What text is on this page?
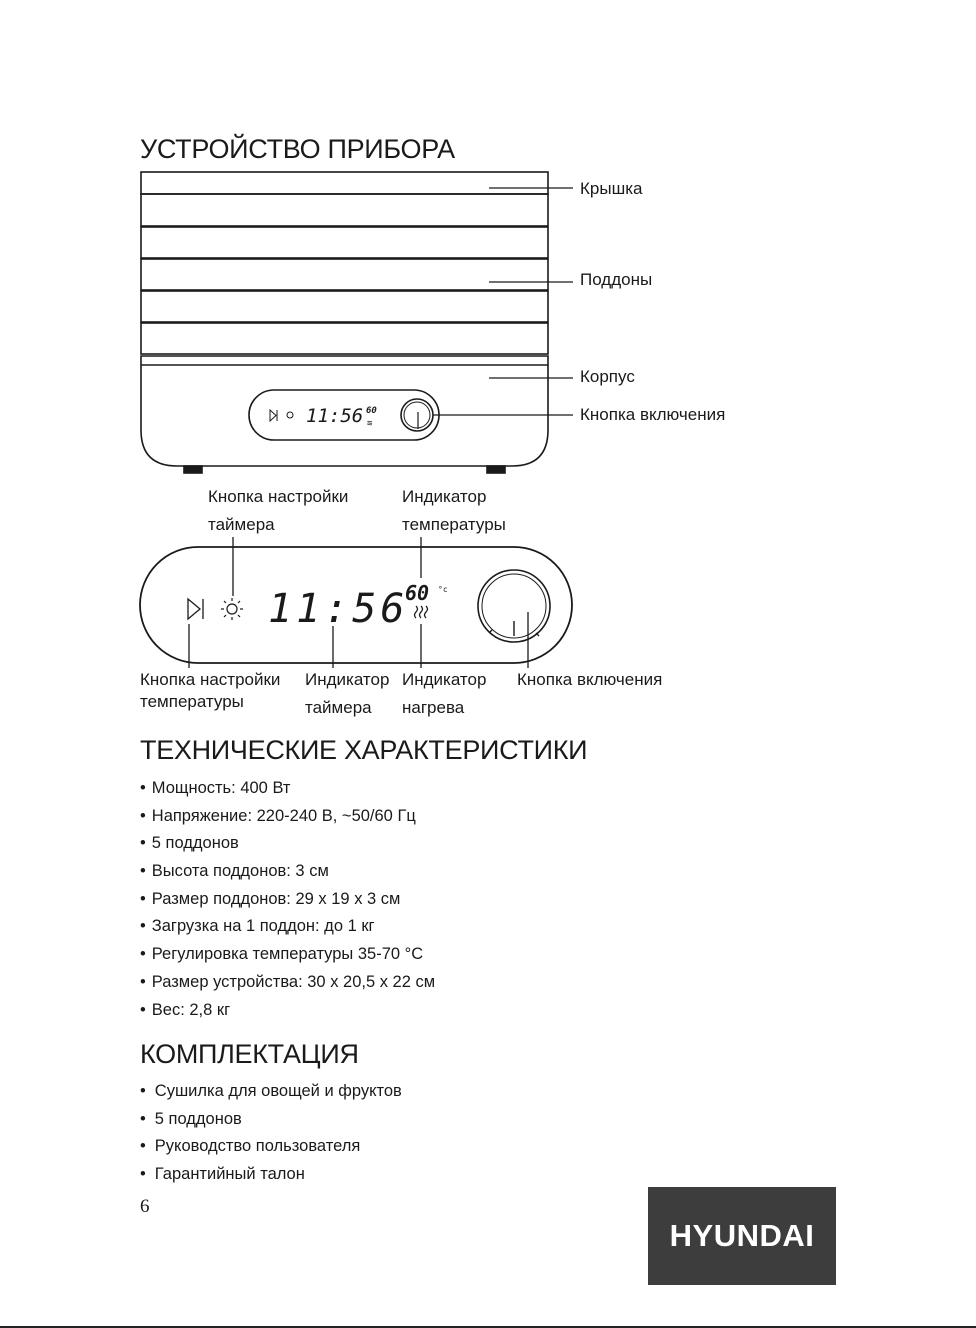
УСТРОЙСТВО ПРИБОРА
11:56 60
≋
Крышка
Поддоны
Корпус
Кнопка включения
Кнопка настройки
таймера
Индикатор
температуры
11:56
60 °c
Кнопка настройки
температуры
Индикатор
таймера
Индикатор
нагрева
Кнопка включения
ТЕХНИЧЕСКИЕ ХАРАКТЕРИСТИКИ
• Мощность: 400 Вт
• Напряжение: 220-240 В, ~50/60 Гц
• 5 поддонов
• Высота поддонов: 3 см
• Размер поддонов: 29 х 19 х 3 см
• Загрузка на 1 поддон: до 1 кг
• Регулировка температуры 35-70 °С
• Размер устройства: 30 х 20,5 х 22 см
• Вес: 2,8 кг
КОМПЛЕКТАЦИЯ
• Сушилка для овощей и фруктов
• 5 поддонов
• Руководство пользователя
• Гарантийный талон
6
HYUNDAI
